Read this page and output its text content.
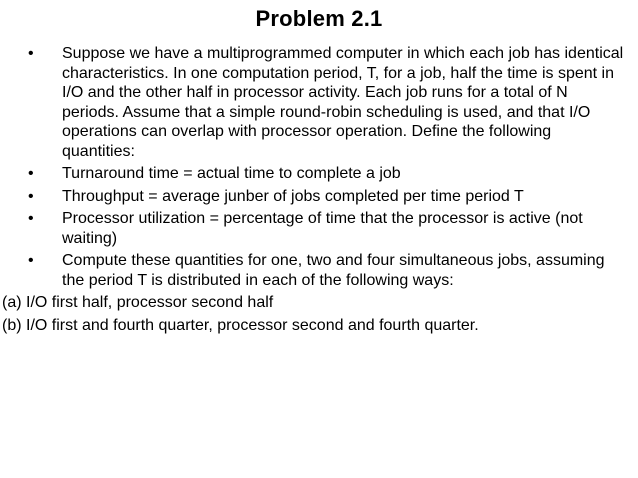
Problem 2.1
• Suppose we have a multiprogrammed computer in which each job has identical characteristics. In one computation period, T, for a job, half the time is spent in I/O and the other half in processor activity. Each job runs for a total of N periods. Assume that a simple round-robin scheduling is used, and that I/O operations can overlap with processor operation. Define the following quantities:
• Turnaround time = actual time to complete a job
• Throughput = average junber of jobs completed per time period T
• Processor utilization = percentage of time that the processor is active (not waiting)
• Compute these quantities for one, two and four simultaneous jobs, assuming the period T is distributed in each of the following ways:
(a) I/O first half, processor second half
(b) I/O first and fourth quarter, processor second and fourth quarter.
